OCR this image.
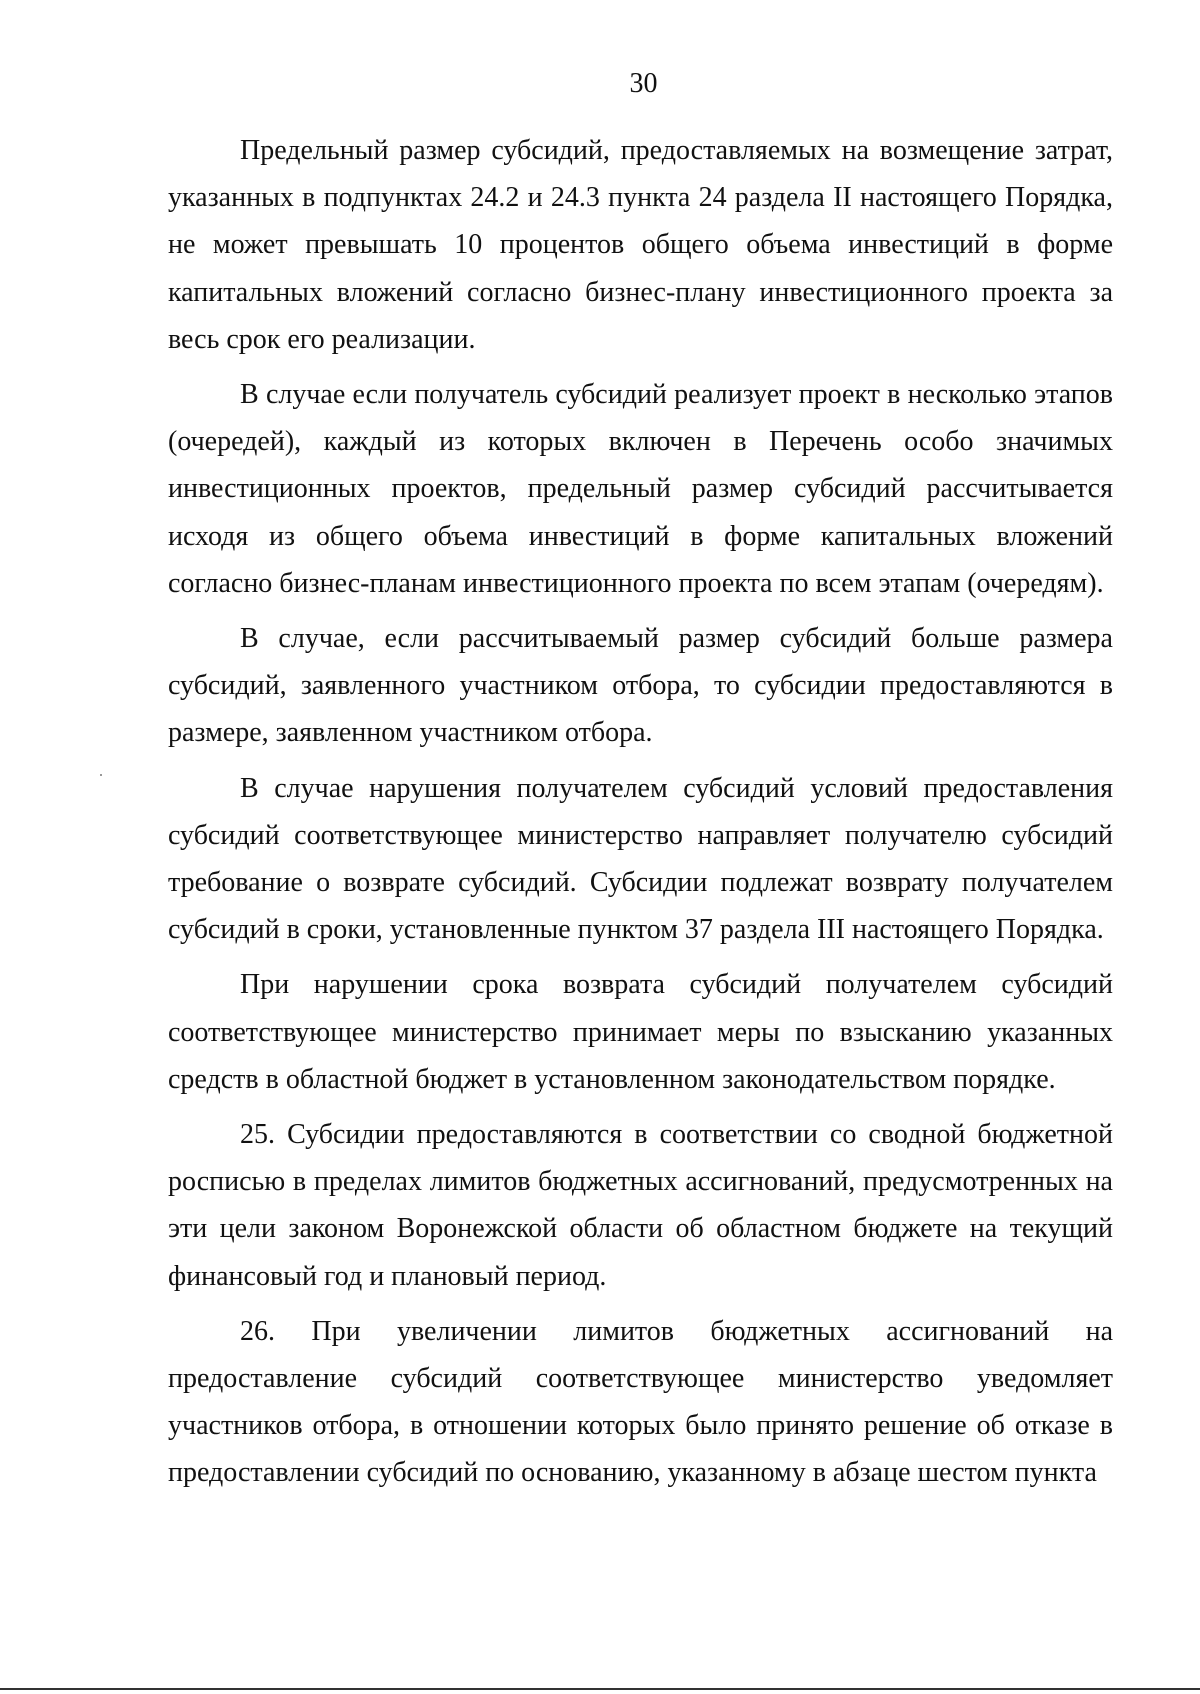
30

Предельный размер субсидий, предоставляемых на возмещение затрат, указанных в подпунктах 24.2 и 24.3 пункта 24 раздела II настоящего Порядка, не может превышать 10 процентов общего объема инвестиций в форме капитальных вложений согласно бизнес-плану инвестиционного проекта за весь срок его реализации.

В случае если получатель субсидий реализует проект в несколько этапов (очередей), каждый из которых включен в Перечень особо значимых инвестиционных проектов, предельный размер субсидий рассчитывается исходя из общего объема инвестиций в форме капитальных вложений согласно бизнес-планам инвестиционного проекта по всем этапам (очередям).

В случае, если рассчитываемый размер субсидий больше размера субсидий, заявленного участником отбора, то субсидии предоставляются в размере, заявленном участником отбора.

В случае нарушения получателем субсидий условий предоставления субсидий соответствующее министерство направляет получателю субсидий требование о возврате субсидий. Субсидии подлежат возврату получателем субсидий в сроки, установленные пунктом 37 раздела III настоящего Порядка.

При нарушении срока возврата субсидий получателем субсидий соответствующее министерство принимает меры по взысканию указанных средств в областной бюджет в установленном законодательством порядке.

25. Субсидии предоставляются в соответствии со сводной бюджетной росписью в пределах лимитов бюджетных ассигнований, предусмотренных на эти цели законом Воронежской области об областном бюджете на текущий финансовый год и плановый период.

26. При увеличении лимитов бюджетных ассигнований на предоставление субсидий соответствующее министерство уведомляет участников отбора, в отношении которых было принято решение об отказе в предоставлении субсидий по основанию, указанному в абзаце шестом пункта
